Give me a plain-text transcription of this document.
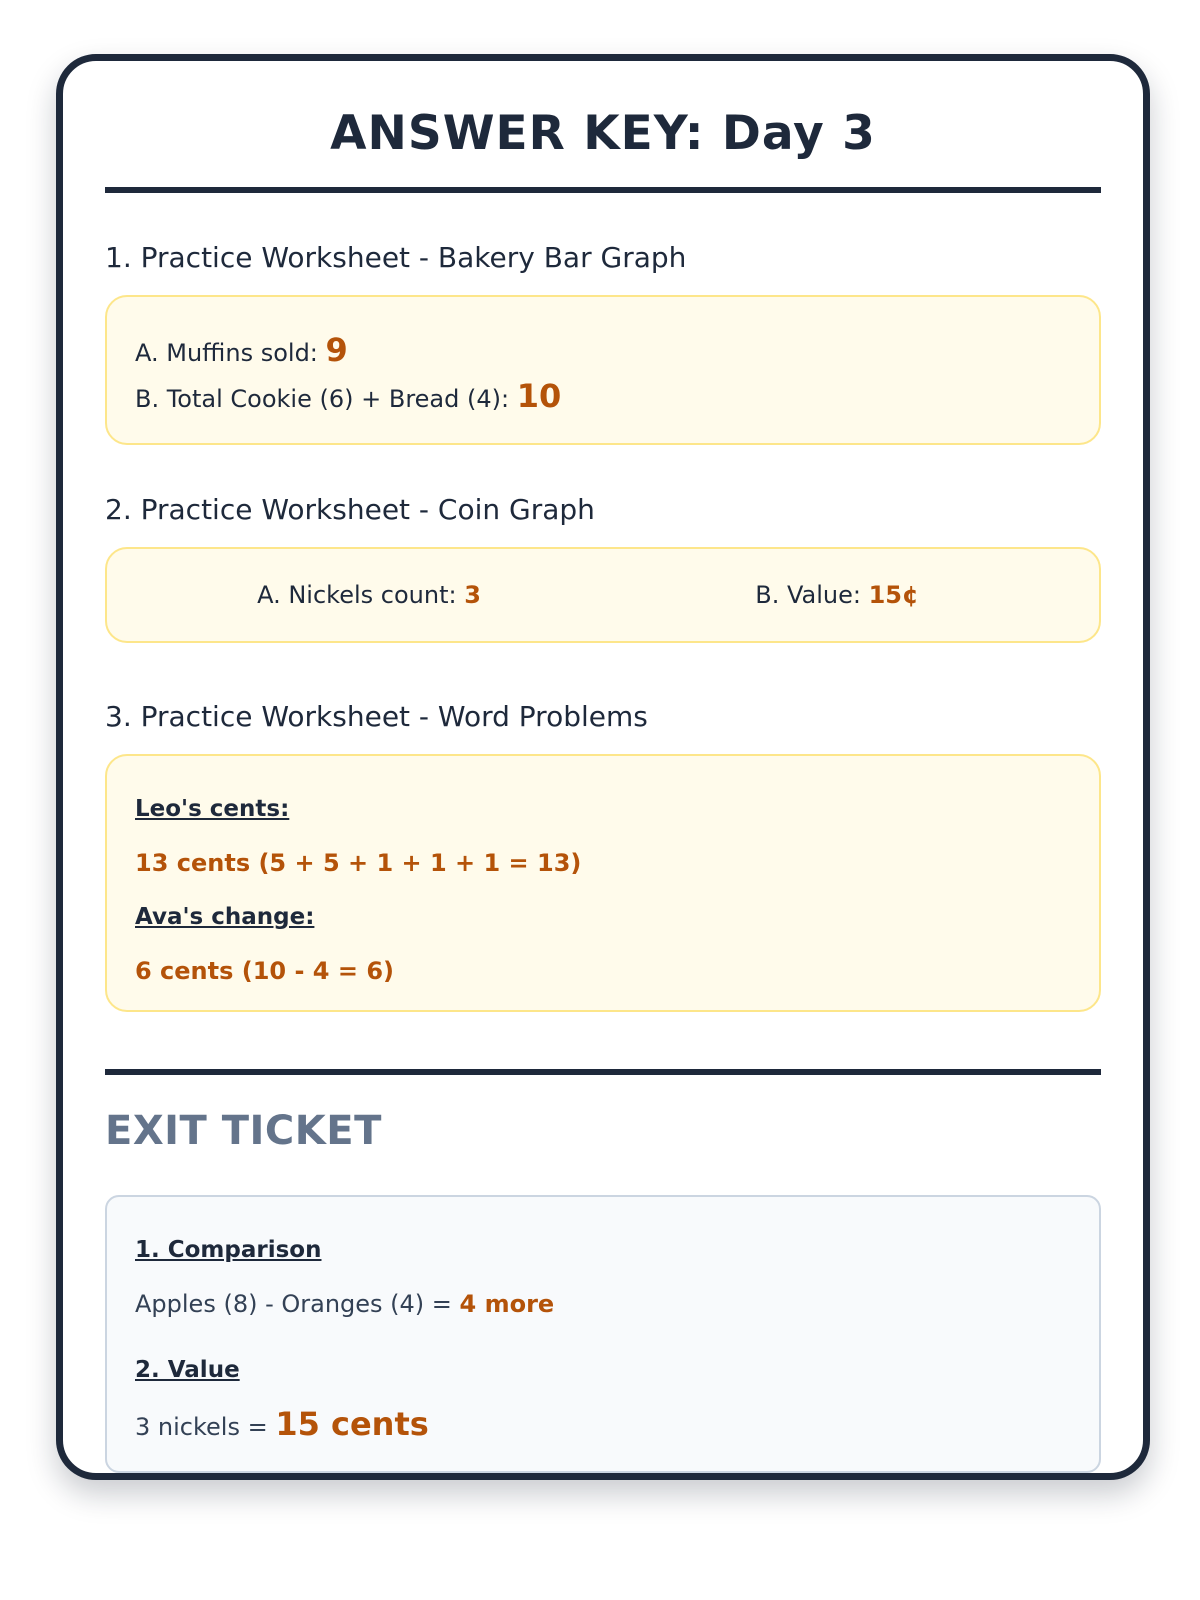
ANSWER KEY: Day 3
1. Practice Worksheet - Bakery Bar Graph
A. Muffins sold: 9
B. Total Cookie (6) + Bread (4): 10
2. Practice Worksheet - Coin Graph
A. Nickels count: 3	B. Value: 15¢
3. Practice Worksheet - Word Problems
Leo's cents:
13 cents (5 + 5 + 1 + 1 + 1 = 13)
Ava's change:
6 cents (10 - 4 = 6)
EXIT TICKET
1. Comparison
Apples (8) - Oranges (4) = 4 more
2. Value
3 nickels = 15 cents
